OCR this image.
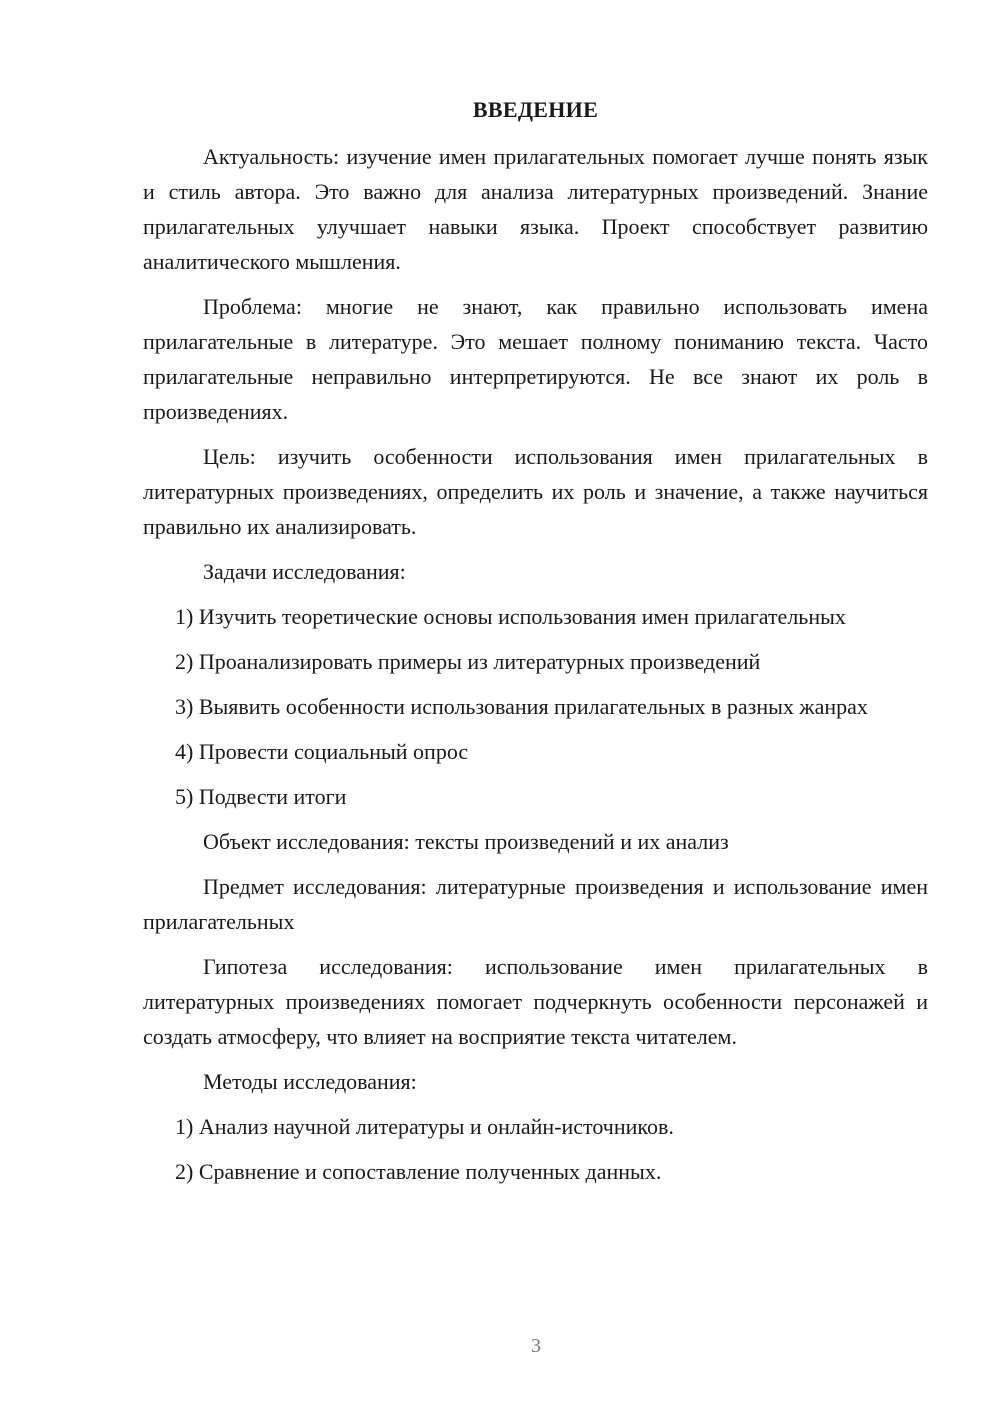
ВВЕДЕНИЕ
Актуальность: изучение имен прилагательных помогает лучше понять язык и стиль автора. Это важно для анализа литературных произведений. Знание прилагательных улучшает навыки языка. Проект способствует развитию аналитического мышления.
Проблема: многие не знают, как правильно использовать имена прилагательные в литературе. Это мешает полному пониманию текста. Часто прилагательные неправильно интерпретируются. Не все знают их роль в произведениях.
Цель: изучить особенности использования имен прилагательных в литературных произведениях, определить их роль и значение, а также научиться правильно их анализировать.
Задачи исследования:
1) Изучить теоретические основы использования имен прилагательных
2) Проанализировать примеры из литературных произведений
3) Выявить особенности использования прилагательных в разных жанрах
4) Провести социальный опрос
5) Подвести итоги
Объект исследования: тексты произведений и их анализ
Предмет исследования: литературные произведения и использование имен прилагательных
Гипотеза исследования: использование имен прилагательных в литературных произведениях помогает подчеркнуть особенности персонажей и создать атмосферу, что влияет на восприятие текста читателем.
Методы исследования:
1) Анализ научной литературы и онлайн-источников.
2) Сравнение и сопоставление полученных данных.
3
